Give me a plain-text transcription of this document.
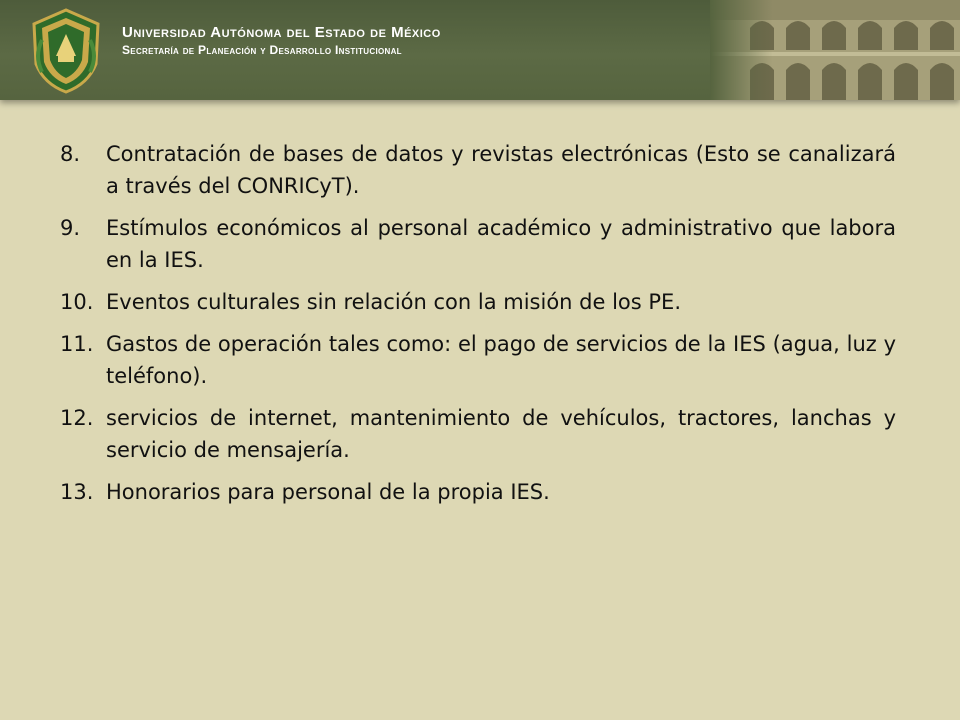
Universidad Autónoma del Estado de México
Secretaría de Planeación y Desarrollo Institucional
8.	Contratación de bases de datos y revistas electrónicas (Esto se canalizará a través del CONRICyT).
9.	Estímulos económicos al personal académico y administrativo que labora en la IES.
10. Eventos culturales sin relación con la misión de los PE.
11. Gastos de operación tales como: el pago de servicios de la IES (agua, luz y teléfono).
12. servicios de internet, mantenimiento de vehículos, tractores, lanchas y servicio de mensajería.
13. Honorarios para personal de la propia IES.
